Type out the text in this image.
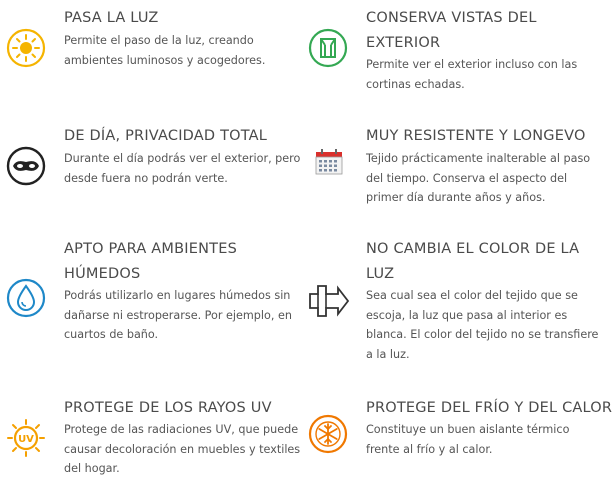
PASA LA LUZ
Permite el paso de la luz, creando
ambientes luminosos y acogedores.
CONSERVA VISTAS DEL
EXTERIOR
Permite ver el exterior incluso con las
cortinas echadas.
DE DÍA, PRIVACIDAD TOTAL
Durante el día podrás ver el exterior, pero
desde fuera no podrán verte.
MUY RESISTENTE Y LONGEVO
Tejido prácticamente inalterable al paso
del tiempo. Conserva el aspecto del
primer día durante años y años.
APTO PARA AMBIENTES
HÚMEDOS
Podrás utilizarlo en lugares húmedos sin
dañarse ni estroperarse. Por ejemplo, en
cuartos de baño.
NO CAMBIA EL COLOR DE LA
LUZ
Sea cual sea el color del tejido que se
escoja, la luz que pasa al interior es
blanca. El color del tejido no se transfiere
a la luz.
UV
PROTEGE DE LOS RAYOS UV
Protege de las radiaciones UV, que puede
causar decoloración en muebles y textiles
del hogar.
PROTEGE DEL FRÍO Y DEL CALOR
Constituye un buen aislante térmico
frente al frío y al calor.
